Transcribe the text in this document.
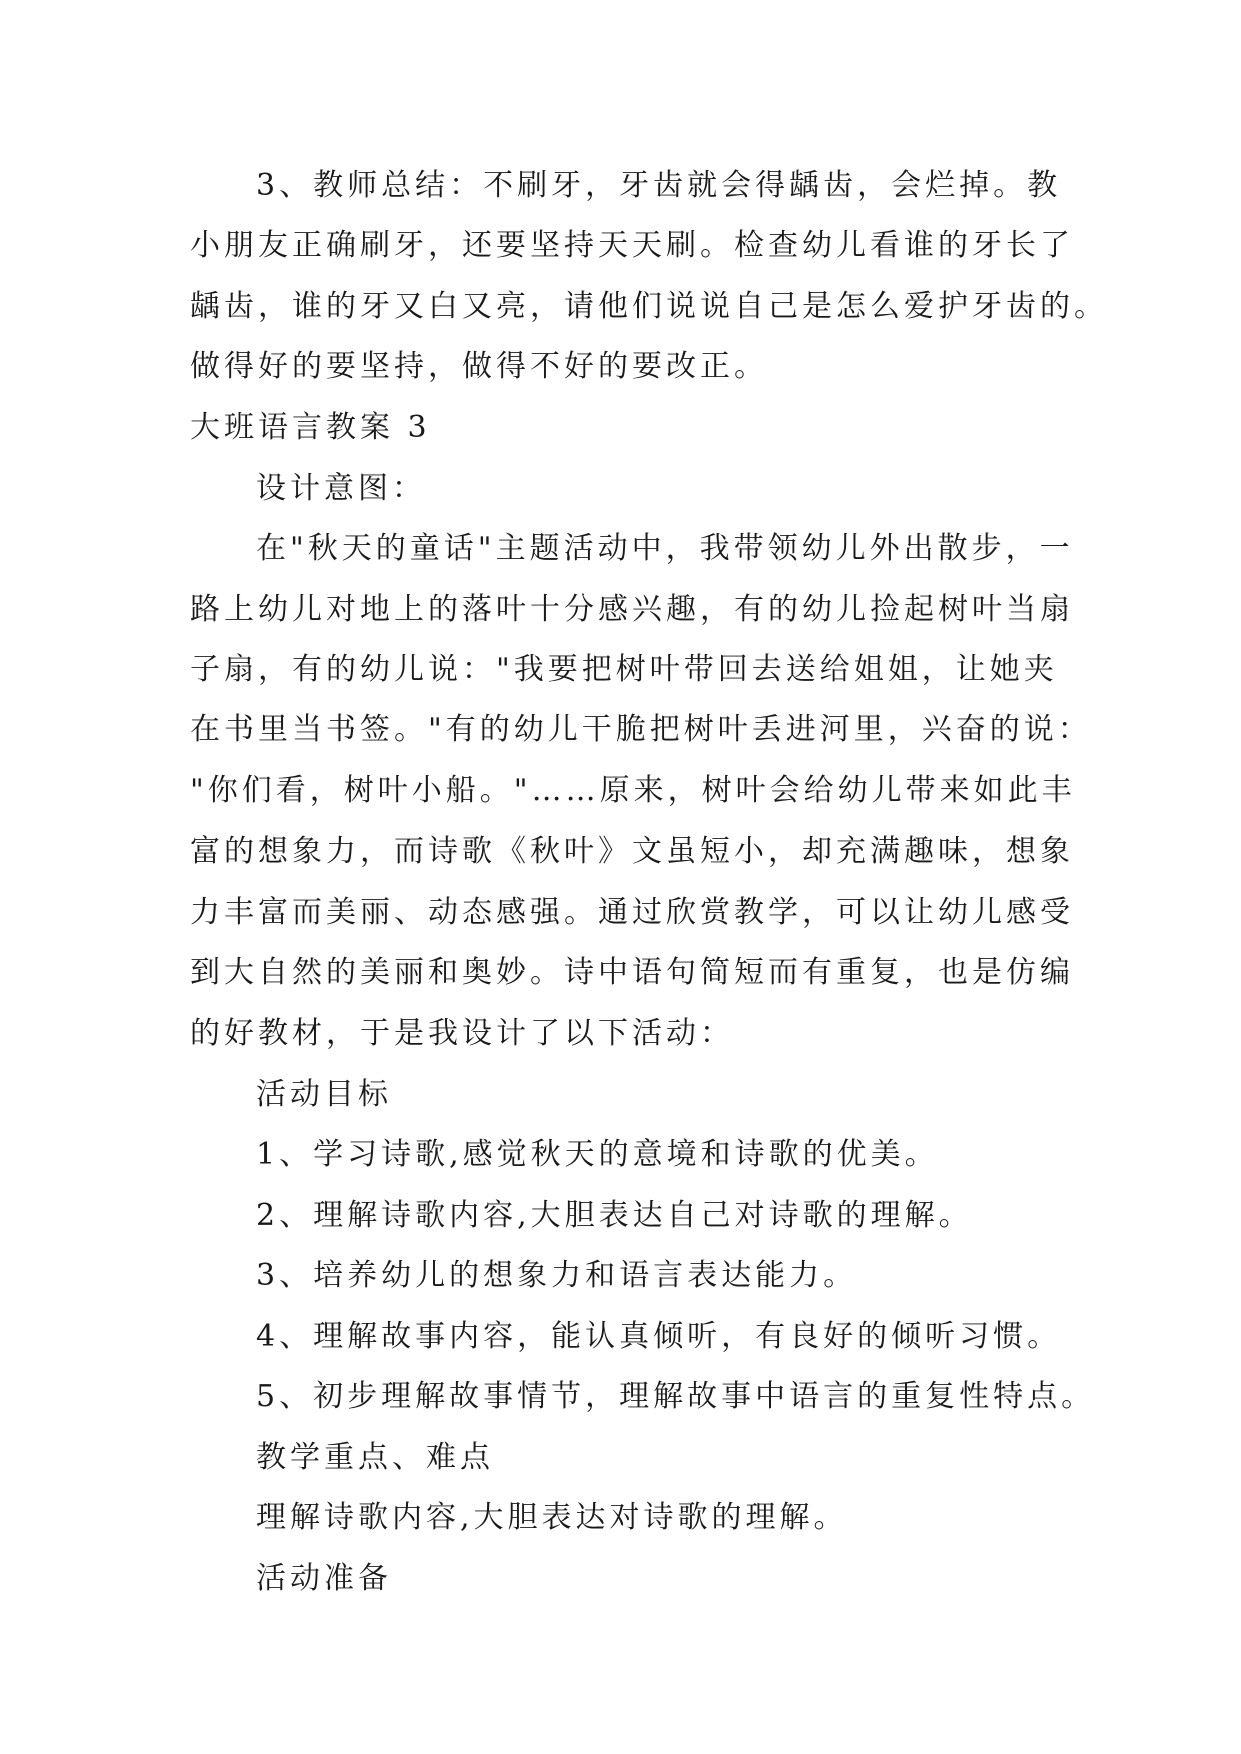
3、教师总结：不刷牙，牙齿就会得龋齿，会烂掉。教
小朋友正确刷牙，还要坚持天天刷。检查幼儿看谁的牙长了
龋齿，谁的牙又白又亮，请他们说说自己是怎么爱护牙齿的。
做得好的要坚持，做得不好的要改正。
大班语言教案 3
设计意图：
在"秋天的童话"主题活动中，我带领幼儿外出散步，一
路上幼儿对地上的落叶十分感兴趣，有的幼儿捡起树叶当扇
子扇，有的幼儿说："我要把树叶带回去送给姐姐，让她夹
在书里当书签。"有的幼儿干脆把树叶丢进河里，兴奋的说：
"你们看，树叶小船。"……原来，树叶会给幼儿带来如此丰
富的想象力，而诗歌《秋叶》文虽短小，却充满趣味，想象
力丰富而美丽、动态感强。通过欣赏教学，可以让幼儿感受
到大自然的美丽和奥妙。诗中语句简短而有重复，也是仿编
的好教材，于是我设计了以下活动：
活动目标
1、学习诗歌,感觉秋天的意境和诗歌的优美。
2、理解诗歌内容,大胆表达自己对诗歌的理解。
3、培养幼儿的想象力和语言表达能力。
4、理解故事内容，能认真倾听，有良好的倾听习惯。
5、初步理解故事情节，理解故事中语言的重复性特点。
教学重点、难点
理解诗歌内容,大胆表达对诗歌的理解。
活动准备
